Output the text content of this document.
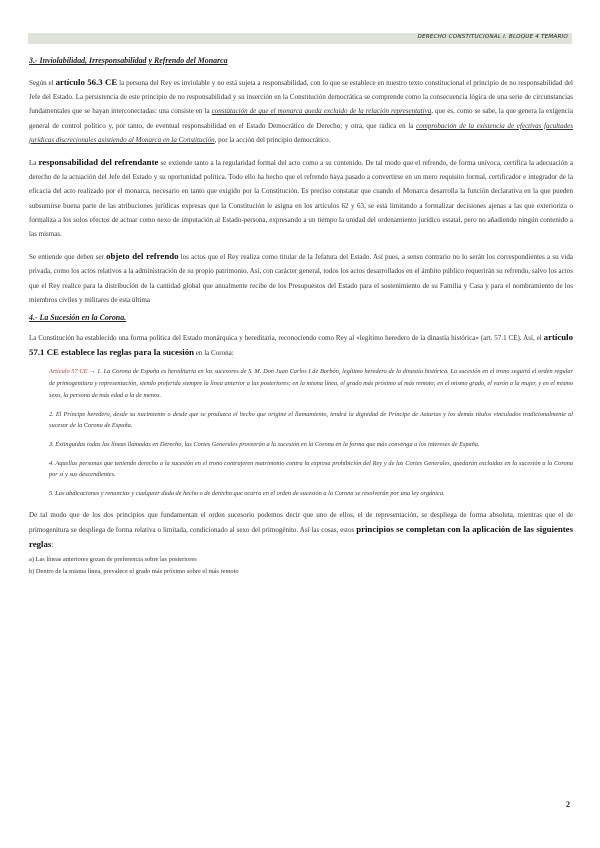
DERECHO CONSTITUCIONAL I. BLOQUE 4 TEMARIO
3.- Inviolabilidad, Irresponsabilidad y Refrendo del Monarca

Según el artículo 56.3 CE la persona del Rey es inviolable y no está sujeta a responsabilidad, con lo que se establece en nuestro texto constitucional el principio de no responsabilidad del Jefe del Estado. La persistencia de este principio de no responsabilidad y su inserción en la Constitución democrática se comprende como la consecuencia lógica de una serie de circunstancias fundamentales que se hayan interconectadas: una consiste en la constatación de que el monarca queda excluido de la relación representativa, que es, como se sabe, la que genera la exigencia general de control político y, por tanto, de eventual responsabilidad en el Estado Democrático de Derecho; y otra, que radica en la comprobación de la existencia de efectivas facultades jurídicas discrecionales asistiendo al Monarca en la Constitución, por la acción del principio democrático.

La responsabilidad del refrendante se extiende tanto a la regularidad formal del acto como a su contenido. De tal modo que el refrendo, de forma unívoca, certifica la adecuación a derecho de la actuación del Jefe del Estado y su oportunidad política. Todo ello ha hecho que el refrendo haya pasado a convertirse en un mero requisito formal, certificador e integrador de la eficacia del acto realizado por el monarca, necesario en tanto que exigido por la Constitución. Es preciso constatar que cuando el Monarca desarrolla la función declarativa en la que pueden subsumirse buena parte de las atribuciones jurídicas expresas que la Constitución le asigna en los artículos 62 y 63, se está limitando a formalizar decisiones ajenas a las que exterioriza o formaliza a los solos efectos de actuar como nexo de imputación al Estado-persona, expresando a un tiempo la unidad del ordenamiento jurídico estatal, pero no añadiendo ningún contenido a las mismas.

Se entiende que deben ser objeto del refrendo los actos que el Rey realiza como titular de la Jefatura del Estado. Así pues, a sensu contrario no lo serán los correspondientes a su vida privada, como los actos relativos a la administración de su propio patrimonio. Así, con carácter general, todos los actos desarrollados en el ámbito público requerirán su refrendo, salvo los actos que el Rey realice para la distribución de la cantidad global que anualmente recibe de los Presupuestos del Estado para el sostenimiento de su Familia y Casa y para el nombramiento de los miembros civiles y militares de esta última

4.- La Sucesión en la Corona.

La Constitución ha establecido una forma política del Estado monárquica y hereditaria, reconociendo como Rey al «legítimo heredero de la dinastía histórica» (art. 57.1 CE). Así, el artículo 57.1 CE establece las reglas para la sucesión en la Corona:

Artículo 57 CE → 1. La Corona de España es hereditaria en los sucesores de S. M. Don Juan Carlos I de Borbón, legítimo heredero de la dinastía histórica. La sucesión en el trono seguirá el orden regular de primogenitura y representación, siendo preferida siempre la línea anterior a las posteriores; en la misma línea, el grado más próximo al más remoto; en el mismo grado, el varón a la mujer, y en el mismo sexo, la persona de más edad a la de menos.

2. El Príncipe heredero, desde su nacimiento o desde que se produzca el hecho que origine el llamamiento, tendrá la dignidad de Príncipe de Asturias y los demás títulos vinculados tradicionalmente al sucesor de la Corona de España.

3. Extinguidas todas las líneas llamadas en Derecho, las Cortes Generales proveerán a la sucesión en la Corona en la forma que más convenga a los intereses de España.

4. Aquellas personas que teniendo derecho a la sucesión en el trono contrajeren matrimonio contra la expresa prohibición del Rey y de las Cortes Generales, quedarán excluidas en la sucesión a la Corona por sí y sus descendientes.

5. Las abdicaciones y renuncias y cualquier duda de hecho o de derecho que ocurra en el orden de sucesión a la Corona se resolverán por una ley orgánica.

De tal modo que de los dos principios que fundamentan el orden sucesorio podemos decir que uno de ellos, el de representación, se despliega de forma absoluta, mientras que el de primogenitura se despliega de forma relativa o limitada, condicionado al sexo del primogénito. Así las cosas, estos principios se completan con la aplicación de las siguientes reglas:

a) Las líneas anteriores gozan de preferencia sobre las posteriores
b) Dentro de la misma línea, prevalece el grado más próximo sobre el más remoto
2
